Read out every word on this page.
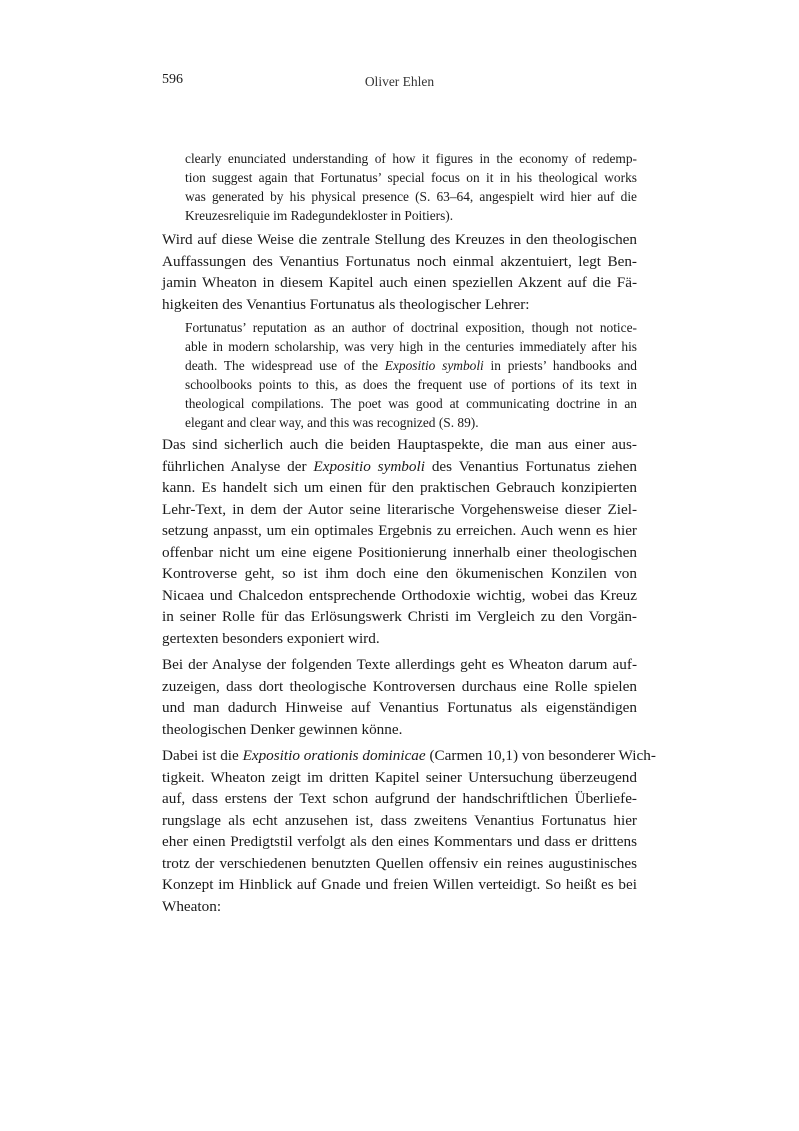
596	Oliver Ehlen
clearly enunciated understanding of how it figures in the economy of redemp-
tion suggest again that Fortunatus’ special focus on it in his theological works
was generated by his physical presence (S. 63–64, angespielt wird hier auf die
Kreuzesreliquie im Radegundekloster in Poitiers).
Wird auf diese Weise die zentrale Stellung des Kreuzes in den theologischen
Auffassungen des Venantius Fortunatus noch einmal akzentuiert, legt Ben-
jamin Wheaton in diesem Kapitel auch einen speziellen Akzent auf die Fä-
higkeiten des Venantius Fortunatus als theologischer Lehrer:
Fortunatus’ reputation as an author of doctrinal exposition, though not notice-
able in modern scholarship, was very high in the centuries immediately after his
death. The widespread use of the Expositio symboli in priests’ handbooks and
schoolbooks points to this, as does the frequent use of portions of its text in
theological compilations. The poet was good at communicating doctrine in an
elegant and clear way, and this was recognized (S. 89).
Das sind sicherlich auch die beiden Hauptaspekte, die man aus einer aus-
führlichen Analyse der Expositio symboli des Venantius Fortunatus ziehen
kann. Es handelt sich um einen für den praktischen Gebrauch konzipierten
Lehr-Text, in dem der Autor seine literarische Vorgehensweise dieser Ziel-
setzung anpasst, um ein optimales Ergebnis zu erreichen. Auch wenn es hier
offenbar nicht um eine eigene Positionierung innerhalb einer theologischen
Kontroverse geht, so ist ihm doch eine den ökumenischen Konzilen von
Nicaea und Chalcedon entsprechende Orthodoxie wichtig, wobei das Kreuz
in seiner Rolle für das Erlösungswerk Christi im Vergleich zu den Vorgän-
gertexten besonders exponiert wird.
Bei der Analyse der folgenden Texte allerdings geht es Wheaton darum auf-
zuzeigen, dass dort theologische Kontroversen durchaus eine Rolle spielen
und man dadurch Hinweise auf Venantius Fortunatus als eigenständigen
theologischen Denker gewinnen könne.
Dabei ist die Expositio orationis dominicae (Carmen 10,1) von besonderer Wich-
tigkeit. Wheaton zeigt im dritten Kapitel seiner Untersuchung überzeugend
auf, dass erstens der Text schon aufgrund der handschriftlichen Überliefe-
rungslage als echt anzusehen ist, dass zweitens Venantius Fortunatus hier
eher einen Predigtstil verfolgt als den eines Kommentars und dass er drittens
trotz der verschiedenen benutzten Quellen offensiv ein reines augustinisches
Konzept im Hinblick auf Gnade und freien Willen verteidigt. So heißt es bei
Wheaton:
